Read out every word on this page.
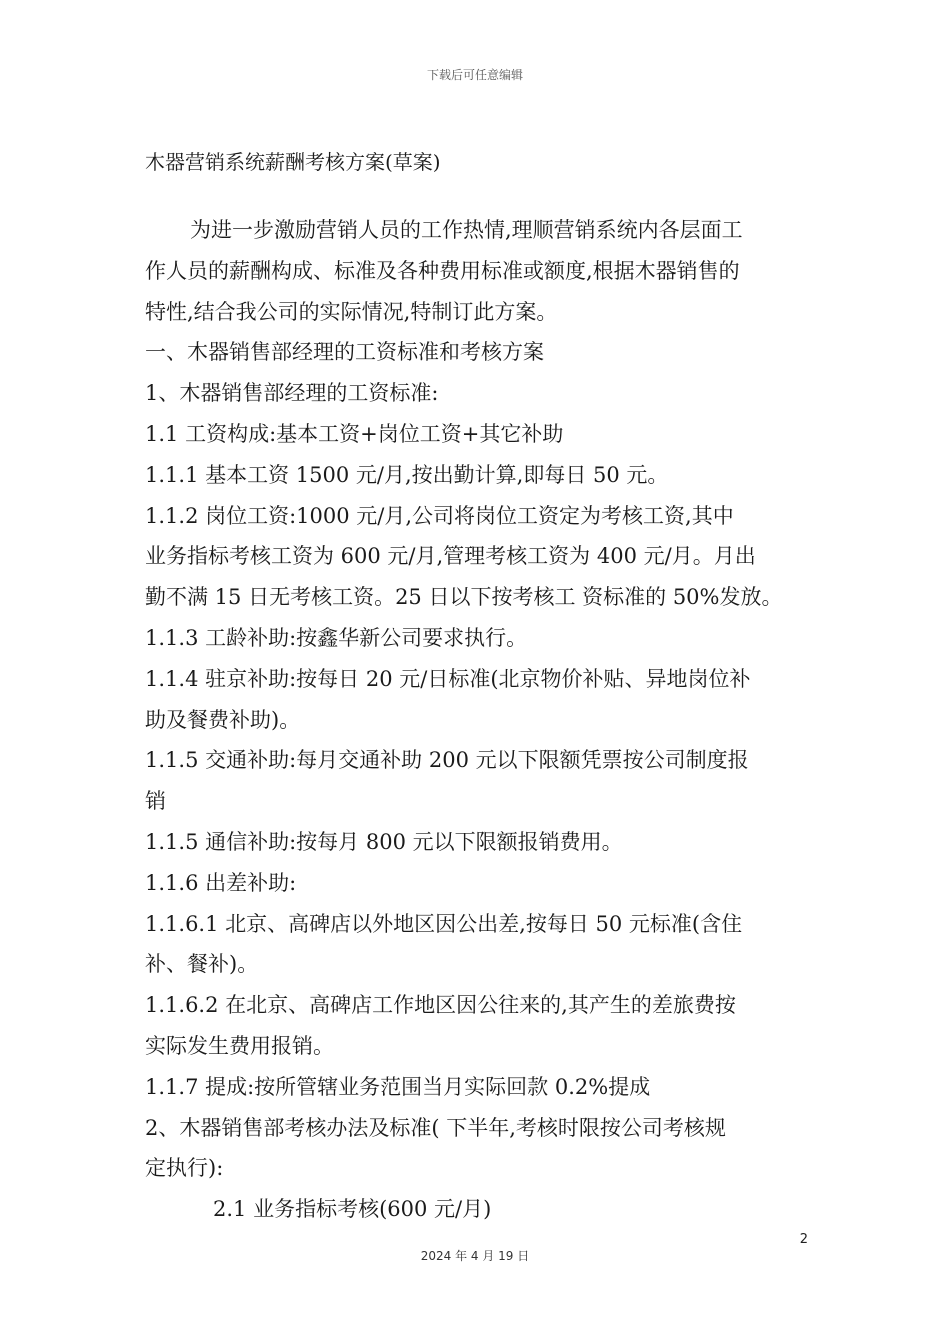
下载后可任意编辑
木器营销系统薪酬考核方案(草案)

为进一步激励营销人员的工作热情,理顺营销系统内各层面工

作人员的薪酬构成、标准及各种费用标准或额度,根据木器销售的

特性,结合我公司的实际情况,特制订此方案。

一、木器销售部经理的工资标准和考核方案

1、木器销售部经理的工资标准:

1.1 工资构成:基本工资+岗位工资+其它补助

1.1.1 基本工资 1500 元/月,按出勤计算,即每日 50 元。

1.1.2 岗位工资:1000 元/月,公司将岗位工资定为考核工资,其中

业务指标考核工资为 600 元/月,管理考核工资为 400 元/月。月出

勤不满 15 日无考核工资。25 日以下按考核工 资标准的 50%发放。

1.1.3 工龄补助:按鑫华新公司要求执行。

1.1.4 驻京补助:按每日 20 元/日标准(北京物价补贴、异地岗位补

助及餐费补助)。

1.1.5 交通补助:每月交通补助 200 元以下限额凭票按公司制度报

销

1.1.5 通信补助:按每月 800 元以下限额报销费用。

1.1.6 出差补助:

1.1.6.1 北京、高碑店以外地区因公出差,按每日 50 元标准(含住

补、餐补)。

1.1.6.2 在北京、高碑店工作地区因公往来的,其产生的差旅费按

实际发生费用报销。

1.1.7 提成:按所管辖业务范围当月实际回款 0.2%提成

2、木器销售部考核办法及标准( 下半年,考核时限按公司考核规

定执行):

2.1 业务指标考核(600 元/月)

2
2024 年 4 月 19 日
